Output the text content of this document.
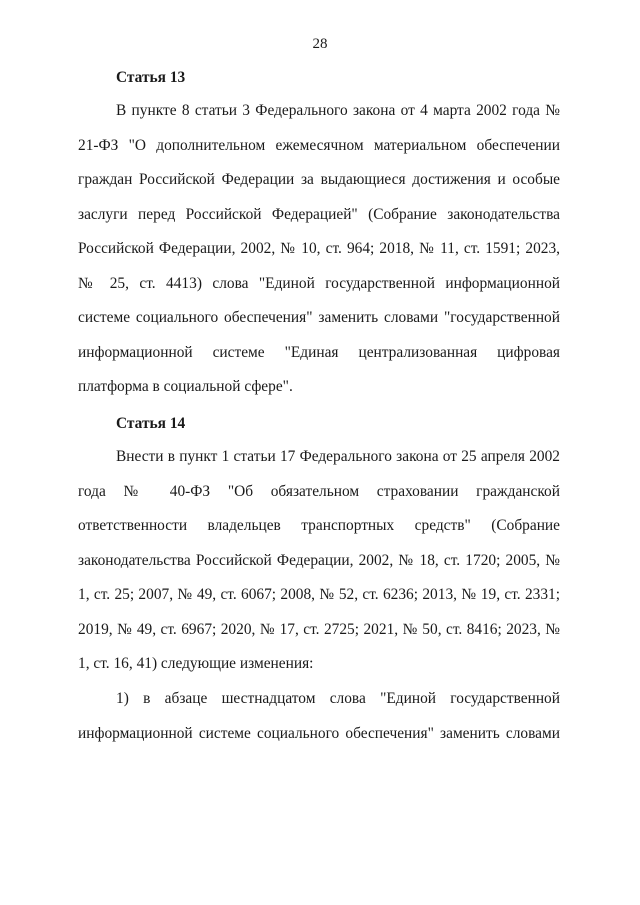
28
Статья 13

В пункте 8 статьи 3 Федерального закона от 4 марта 2002 года № 21-ФЗ "О дополнительном ежемесячном материальном обеспечении граждан Российской Федерации за выдающиеся достижения и особые заслуги перед Российской Федерацией" (Собрание законодательства Российской Федерации, 2002, № 10, ст. 964; 2018, № 11, ст. 1591; 2023, № 25, ст. 4413) слова "Единой государственной информационной системе социального обеспечения" заменить словами "государственной информационной системе "Единая централизованная цифровая платформа в социальной сфере".

Статья 14

Внести в пункт 1 статьи 17 Федерального закона от 25 апреля 2002 года № 40-ФЗ "Об обязательном страховании гражданской ответственности владельцев транспортных средств" (Собрание законодательства Российской Федерации, 2002, № 18, ст. 1720; 2005, № 1, ст. 25; 2007, № 49, ст. 6067; 2008, № 52, ст. 6236; 2013, № 19, ст. 2331; 2019, № 49, ст. 6967; 2020, № 17, ст. 2725; 2021, № 50, ст. 8416; 2023, № 1, ст. 16, 41) следующие изменения:

1) в абзаце шестнадцатом слова "Единой государственной информационной системе социального обеспечения" заменить словами
